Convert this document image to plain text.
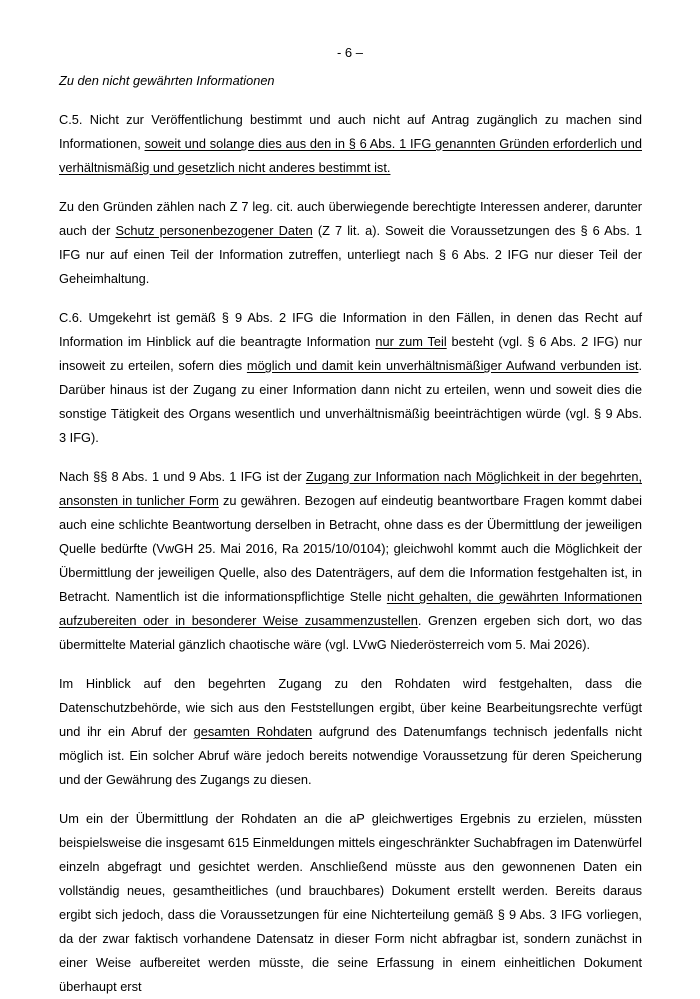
- 6 –
Zu den nicht gewährten Informationen

C.5. Nicht zur Veröffentlichung bestimmt und auch nicht auf Antrag zugänglich zu machen sind Informationen, soweit und solange dies aus den in § 6 Abs. 1 IFG genannten Gründen erforderlich und verhältnismäßig und gesetzlich nicht anderes bestimmt ist.

Zu den Gründen zählen nach Z 7 leg. cit. auch überwiegende berechtigte Interessen anderer, darunter auch der Schutz personenbezogener Daten (Z 7 lit. a). Soweit die Voraussetzungen des § 6 Abs. 1 IFG nur auf einen Teil der Information zutreffen, unterliegt nach § 6 Abs. 2 IFG nur dieser Teil der Geheimhaltung.

C.6. Umgekehrt ist gemäß § 9 Abs. 2 IFG die Information in den Fällen, in denen das Recht auf Information im Hinblick auf die beantragte Information nur zum Teil besteht (vgl. § 6 Abs. 2 IFG) nur insoweit zu erteilen, sofern dies möglich und damit kein unverhältnismäßiger Aufwand verbunden ist. Darüber hinaus ist der Zugang zu einer Information dann nicht zu erteilen, wenn und soweit dies die sonstige Tätigkeit des Organs wesentlich und unverhältnismäßig beeinträchtigen würde (vgl. § 9 Abs. 3 IFG).

Nach §§ 8 Abs. 1 und 9 Abs. 1 IFG ist der Zugang zur Information nach Möglichkeit in der begehrten, ansonsten in tunlicher Form zu gewähren. Bezogen auf eindeutig beantwortbare Fragen kommt dabei auch eine schlichte Beantwortung derselben in Betracht, ohne dass es der Übermittlung der jeweiligen Quelle bedürfte (VwGH 25. Mai 2016, Ra 2015/10/0104); gleichwohl kommt auch die Möglichkeit der Übermittlung der jeweiligen Quelle, also des Datenträgers, auf dem die Information festgehalten ist, in Betracht. Namentlich ist die informationspflichtige Stelle nicht gehalten, die gewährten Informationen aufzubereiten oder in besonderer Weise zusammenzustellen. Grenzen ergeben sich dort, wo das übermittelte Material gänzlich chaotische wäre (vgl. LVwG Niederösterreich vom 5. Mai 2026).

Im Hinblick auf den begehrten Zugang zu den Rohdaten wird festgehalten, dass die Datenschutzbehörde, wie sich aus den Feststellungen ergibt, über keine Bearbeitungsrechte verfügt und ihr ein Abruf der gesamten Rohdaten aufgrund des Datenumfangs technisch jedenfalls nicht möglich ist. Ein solcher Abruf wäre jedoch bereits notwendige Voraussetzung für deren Speicherung und der Gewährung des Zugangs zu diesen.

Um ein der Übermittlung der Rohdaten an die aP gleichwertiges Ergebnis zu erzielen, müssten beispielsweise die insgesamt 615 Einmeldungen mittels eingeschränkter Suchabfragen im Datenwürfel einzeln abgefragt und gesichtet werden. Anschließend müsste aus den gewonnenen Daten ein vollständig neues, gesamtheitliches (und brauchbares) Dokument erstellt werden. Bereits daraus ergibt sich jedoch, dass die Voraussetzungen für eine Nichterteilung gemäß § 9 Abs. 3 IFG vorliegen, da der zwar faktisch vorhandene Datensatz in dieser Form nicht abfragbar ist, sondern zunächst in einer Weise aufbereitet werden müsste, die seine Erfassung in einem einheitlichen Dokument überhaupt erst
